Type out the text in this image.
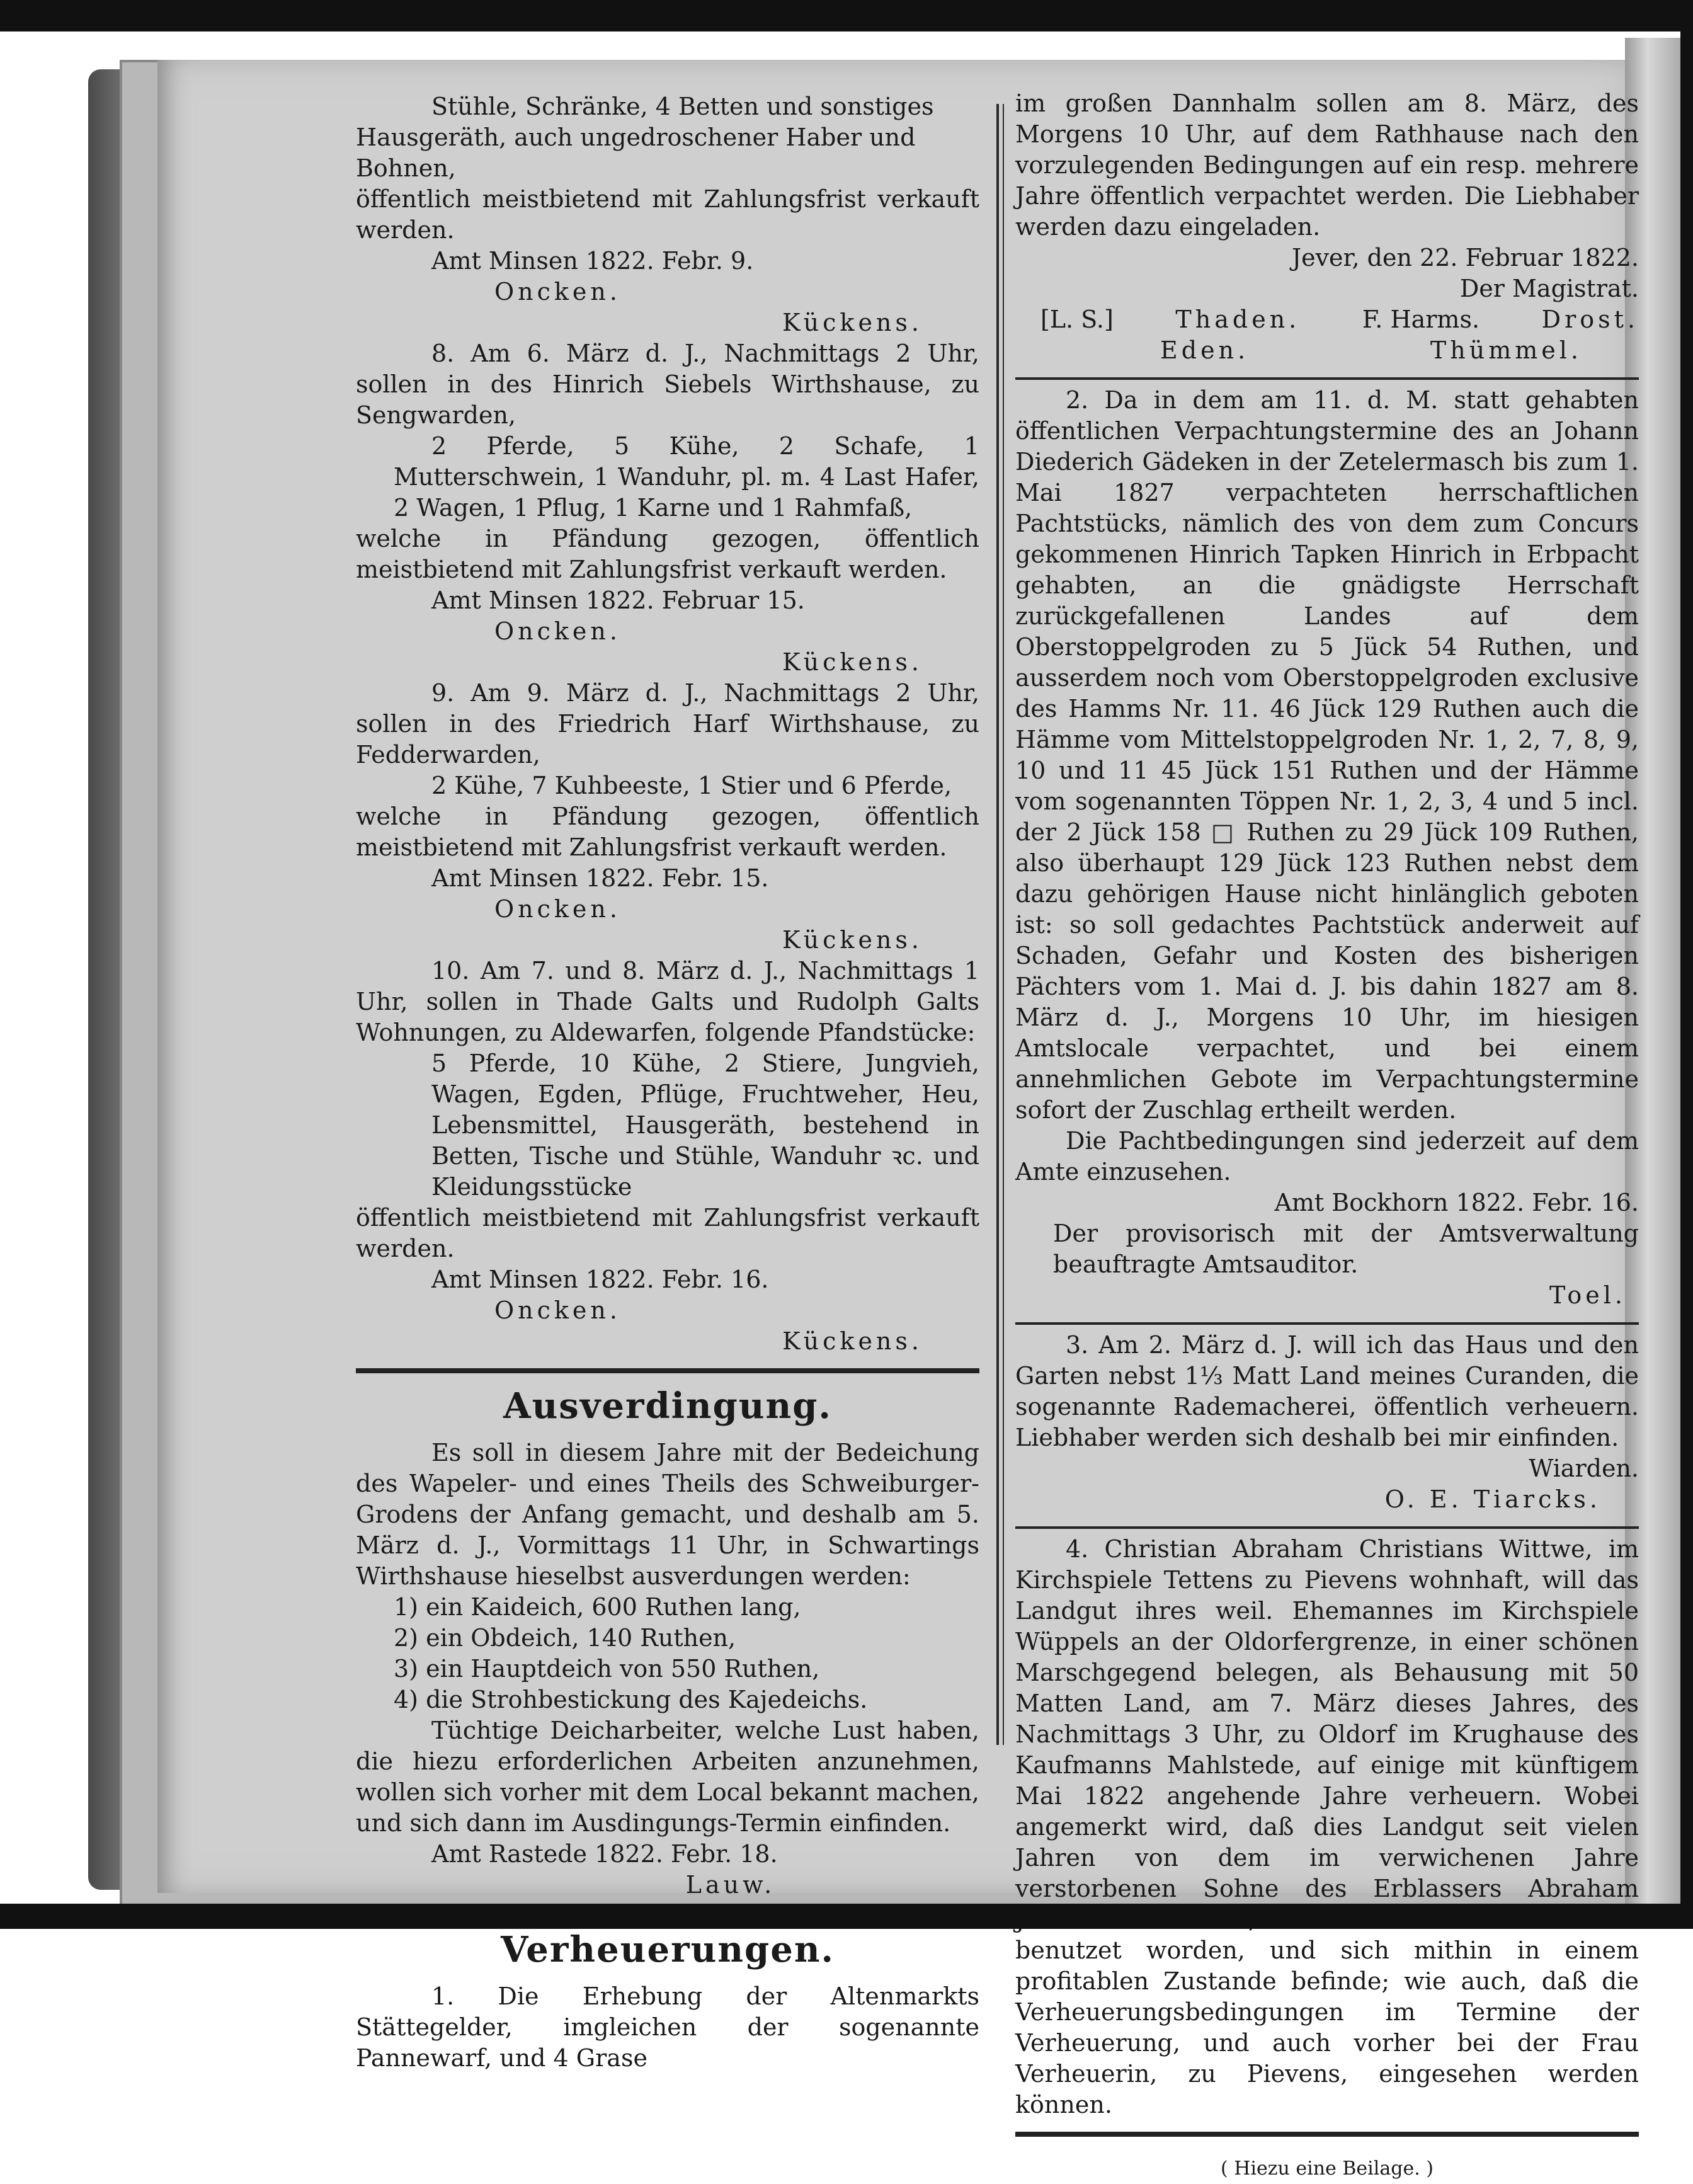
Stühle, Schränke, 4 Betten und sonstiges
Hausgeräth, auch ungedroschener Haber und
Bohnen,

öffentlich meistbietend mit Zahlungsfrist verkauft werden.

Amt Minsen 1822. Febr. 9.
Oncken.
Kückens.

8. Am 6. März d. J., Nachmittags 2 Uhr, sollen in des Hinrich Siebels Wirthshause, zu Sengwarden,

2 Pferde, 5 Kühe, 2 Schafe, 1 Mutterschwein, 1 Wanduhr, pl. m. 4 Last Hafer, 2 Wagen, 1 Pflug, 1 Karne und 1 Rahmfaß,

welche in Pfändung gezogen, öffentlich meistbietend mit Zahlungsfrist verkauft werden.

Amt Minsen 1822. Februar 15.
Oncken.
Kückens.

9. Am 9. März d. J., Nachmittags 2 Uhr, sollen in des Friedrich Harf Wirthshause, zu Fedderwarden,

2 Kühe, 7 Kuhbeeste, 1 Stier und 6 Pferde,

welche in Pfändung gezogen, öffentlich meistbietend mit Zahlungsfrist verkauft werden.

Amt Minsen 1822. Febr. 15.
Oncken.
Kückens.

10. Am 7. und 8. März d. J., Nachmittags 1 Uhr, sollen in Thade Galts und Rudolph Galts Wohnungen, zu Aldewarfen, folgende Pfandstücke:

5 Pferde, 10 Kühe, 2 Stiere, Jungvieh, Wagen, Egden, Pflüge, Fruchtweher, Heu, Lebensmittel, Hausgeräth, bestehend in Betten, Tische und Stühle, Wanduhr ꝛc. und Kleidungsstücke

öffentlich meistbietend mit Zahlungsfrist verkauft werden.

Amt Minsen 1822. Febr. 16.
Oncken.
Kückens.
Ausverdingung.

Es soll in diesem Jahre mit der Bedeichung des Wapeler- und eines Theils des Schweiburger-Grodens der Anfang gemacht, und deshalb am 5. März d. J., Vormittags 11 Uhr, in Schwartings Wirthshause hieselbst ausverdungen werden:

1) ein Kaideich, 600 Ruthen lang,
2) ein Obdeich, 140 Ruthen,
3) ein Hauptdeich von 550 Ruthen,
4) die Strohbestickung des Kajedeichs.

Tüchtige Deicharbeiter, welche Lust haben, die hiezu erforderlichen Arbeiten anzunehmen, wollen sich vorher mit dem Local bekannt machen, und sich dann im Ausdingungs-Termin einfinden.

Amt Rastede 1822. Febr. 18.
Lauw.
Verheuerungen.

1. Die Erhebung der Altenmarkts Stättegelder, imgleichen der sogenannte Pannewarf, und 4 Grase

im großen Dannhalm sollen am 8. März, des Morgens 10 Uhr, auf dem Rathhause nach den vorzulegenden Bedingungen auf ein resp. mehrere Jahre öffentlich verpachtet werden. Die Liebhaber werden dazu eingeladen.

Jever, den 22. Februar 1822.
Der Magistrat.
[L. S.]	Thaden.	F. Harms.	Drost.
Eden.	Thümmel.

2. Da in dem am 11. d. M. statt gehabten öffentlichen Verpachtungstermine des an Johann Diederich Gädeken in der Zetelermasch bis zum 1. Mai 1827 verpachteten herrschaftlichen Pachtstücks, nämlich des von dem zum Concurs gekommenen Hinrich Tapken Hinrich in Erbpacht gehabten, an die gnädigste Herrschaft zurückgefallenen Landes auf dem Oberstoppelgroden zu 5 Jück 54 Ruthen, und ausserdem noch vom Oberstoppelgroden exclusive des Hamms Nr. 11. 46 Jück 129 Ruthen auch die Hämme vom Mittelstoppelgroden Nr. 1, 2, 7, 8, 9, 10 und 11 45 Jück 151 Ruthen und der Hämme vom sogenannten Töppen Nr. 1, 2, 3, 4 und 5 incl. der 2 Jück 158 □ Ruthen zu 29 Jück 109 Ruthen, also überhaupt 129 Jück 123 Ruthen nebst dem dazu gehörigen Hause nicht hinlänglich geboten ist: so soll gedachtes Pachtstück anderweit auf Schaden, Gefahr und Kosten des bisherigen Pächters vom 1. Mai d. J. bis dahin 1827 am 8. März d. J., Morgens 10 Uhr, im hiesigen Amtslocale verpachtet, und bei einem annehmlichen Gebote im Verpachtungstermine sofort der Zuschlag ertheilt werden.

Die Pachtbedingungen sind jederzeit auf dem Amte einzusehen.

Amt Bockhorn 1822. Febr. 16.

Der provisorisch mit der Amtsverwaltung beauftragte Amtsauditor.

Toel.

3. Am 2. März d. J. will ich das Haus und den Garten nebst 1⅓ Matt Land meines Curanden, die sogenannte Rademacherei, öffentlich verheuern. Liebhaber werden sich deshalb bei mir einfinden.

Wiarden.
O. E. Tiarcks.

4. Christian Abraham Christians Wittwe, im Kirchspiele Tettens zu Pievens wohnhaft, will das Landgut ihres weil. Ehemannes im Kirchspiele Wüppels an der Oldorfergrenze, in einer schönen Marschgegend belegen, als Behausung mit 50 Matten Land, am 7. März dieses Jahres, des Nachmittags 3 Uhr, zu Oldorf im Krughause des Kaufmanns Mahlstede, auf einige mit künftigem Mai 1822 angehende Jahre verheuern. Wobei angemerkt wird, daß dies Landgut seit vielen Jahren von dem im verwichenen Jahre verstorbenen Sohne des Erblassers Abraham Jansen Christians, aufs beste cultiviret und benutzet worden, und sich mithin in einem profitablen Zustande befinde; wie auch, daß die Verheuerungsbedingungen im Termine der Verheuerung, und auch vorher bei der Frau Verheuerin, zu Pievens, eingesehen werden können.

( Hiezu eine Beilage. )
